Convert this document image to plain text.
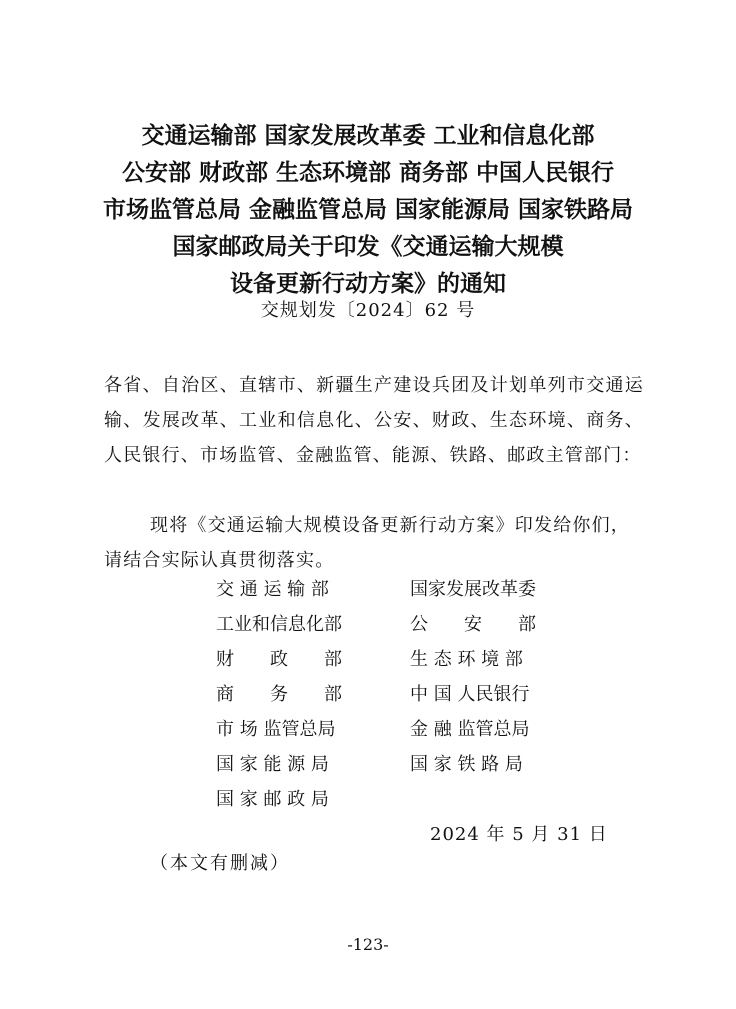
交通运输部 国家发展改革委 工业和信息化部
公安部 财政部 生态环境部 商务部 中国人民银行
市场监管总局 金融监管总局 国家能源局 国家铁路局
国家邮政局关于印发《交通运输大规模
设备更新行动方案》的通知
交规划发〔2024〕62 号
各省、自治区、直辖市、新疆生产建设兵团及计划单列市交通运输、发展改革、工业和信息化、公安、财政、生态环境、商务、人民银行、市场监管、金融监管、能源、铁路、邮政主管部门：
现将《交通运输大规模设备更新行动方案》印发给你们，请结合实际认真贯彻落实。
交 通 运 输 部
工业和信息化部
财　　政　　部
商　　务　　部
市 场 监管总局
国 家 能 源 局
国 家 邮 政 局
国家发展改革委
公　　安　　部
生 态 环 境 部
中 国 人民银行
金 融 监管总局
国 家 铁 路 局
2024 年 5 月 31 日
（本文有删减）
-123-
